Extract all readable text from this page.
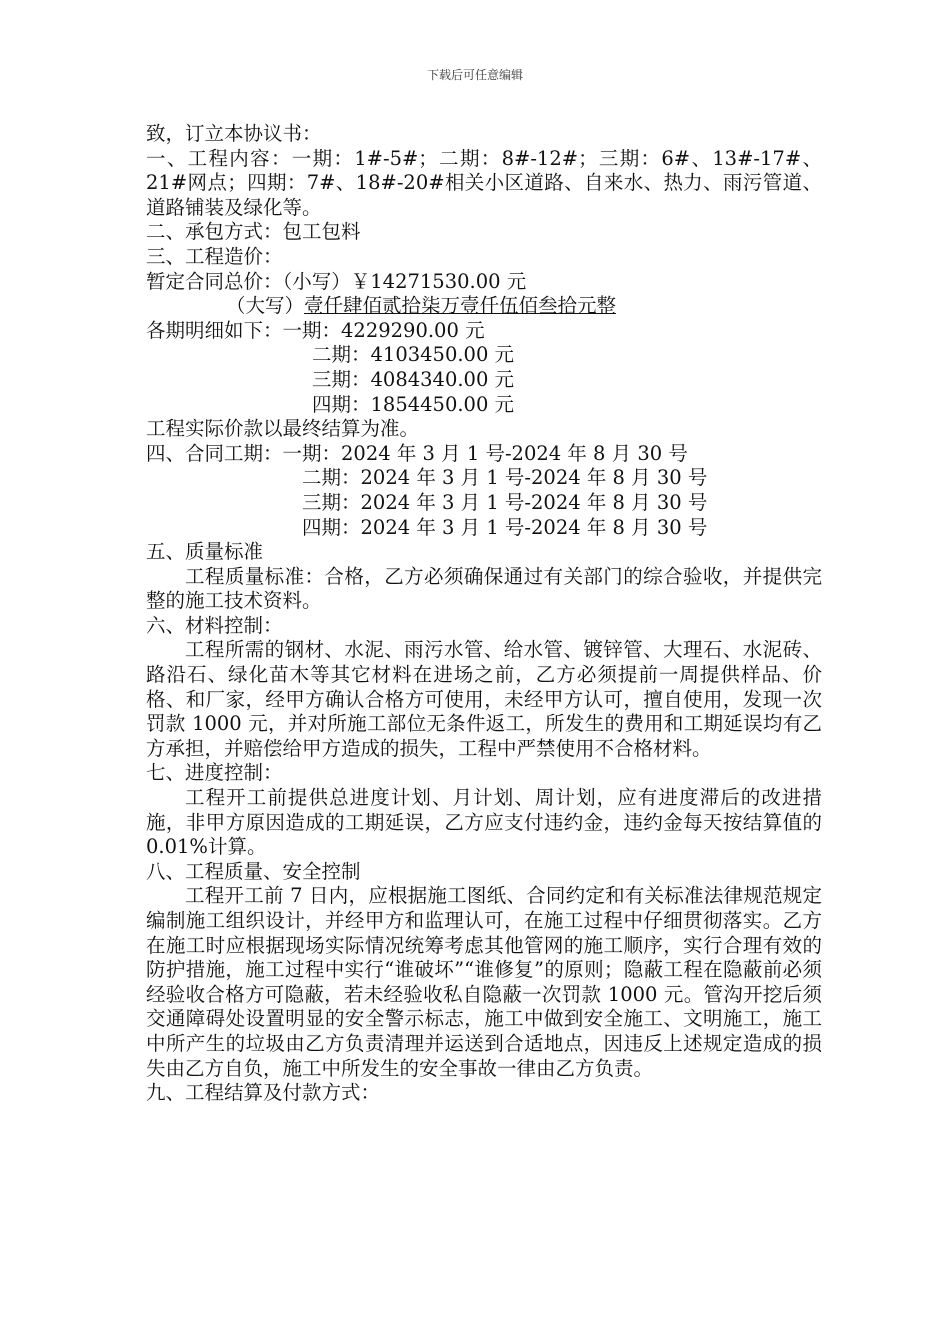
下载后可任意编辑

致，订立本协议书：

一、工程内容：一期：1#-5#；二期：8#-12#；三期：6#、13#-17#、21#网点；四期：7#、18#-20#相关小区道路、自来水、热力、雨污管道、道路铺装及绿化等。

二、承包方式：包工包料

三、工程造价：

暂定合同总价：（小写）￥14271530.00 元

（大写）壹仟肆佰贰拾柒万壹仟伍佰叁拾元整

各期明细如下：一期：4229290.00 元

二期：4103450.00 元

三期：4084340.00 元

四期：1854450.00 元

工程实际价款以最终结算为准。

四、合同工期：一期：2024 年 3 月 1 号-2024 年 8 月 30 号

二期：2024 年 3 月 1 号-2024 年 8 月 30 号

三期：2024 年 3 月 1 号-2024 年 8 月 30 号

四期：2024 年 3 月 1 号-2024 年 8 月 30 号

五、质量标准

工程质量标准：合格，乙方必须确保通过有关部门的综合验收，并提供完整的施工技术资料。

六、材料控制：

工程所需的钢材、水泥、雨污水管、给水管、镀锌管、大理石、水泥砖、路沿石、绿化苗木等其它材料在进场之前，乙方必须提前一周提供样品、价格、和厂家，经甲方确认合格方可使用，未经甲方认可，擅自使用，发现一次罚款 1000 元，并对所施工部位无条件返工，所发生的费用和工期延误均有乙方承担，并赔偿给甲方造成的损失，工程中严禁使用不合格材料。

七、进度控制：

工程开工前提供总进度计划、月计划、周计划，应有进度滞后的改进措施，非甲方原因造成的工期延误，乙方应支付违约金，违约金每天按结算值的 0.01%计算。

八、工程质量、安全控制

工程开工前 7 日内，应根据施工图纸、合同约定和有关标准法律规范规定编制施工组织设计，并经甲方和监理认可，在施工过程中仔细贯彻落实。乙方在施工时应根据现场实际情况统筹考虑其他管网的施工顺序，实行合理有效的防护措施，施工过程中实行“谁破坏”“谁修复”的原则；隐蔽工程在隐蔽前必须经验收合格方可隐蔽，若未经验收私自隐蔽一次罚款 1000 元。管沟开挖后须交通障碍处设置明显的安全警示标志，施工中做到安全施工、文明施工，施工中所产生的垃圾由乙方负责清理并运送到合适地点，因违反上述规定造成的损失由乙方自负，施工中所发生的安全事故一律由乙方负责。

九、工程结算及付款方式：
